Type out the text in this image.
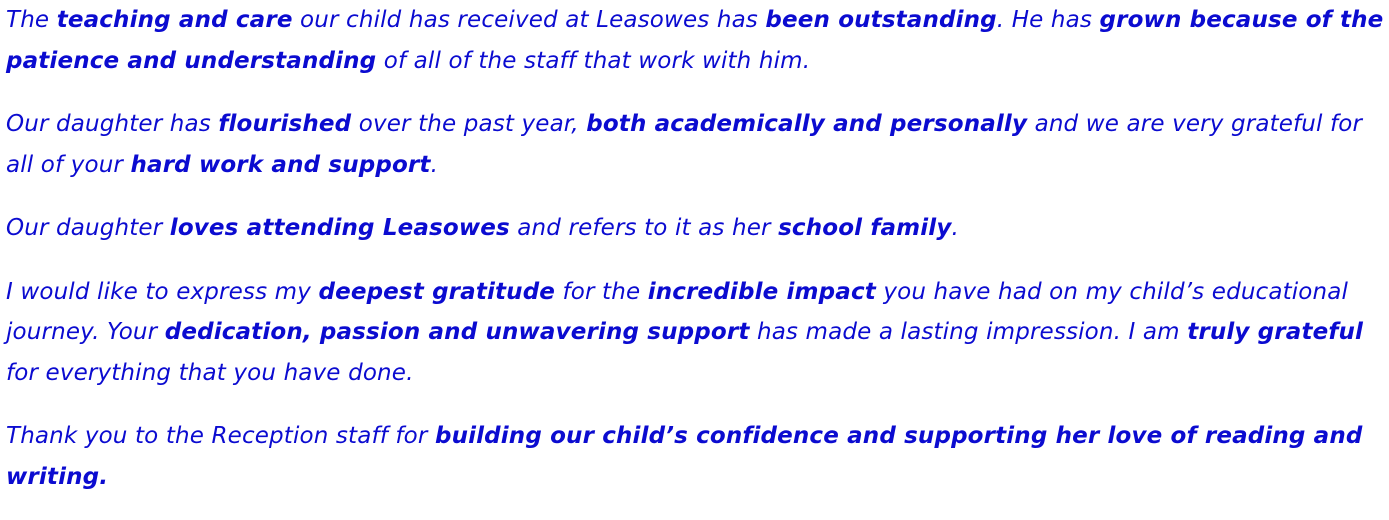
The teaching and care our child has received at Leasowes has been outstanding. He has grown because of the patience and understanding of all of the staff that work with him.

Our daughter has flourished over the past year, both academically and personally and we are very grateful for all of your hard work and support.

Our daughter loves attending Leasowes and refers to it as her school family.

I would like to express my deepest gratitude for the incredible impact you have had on my child’s educational journey. Your dedication, passion and unwavering support has made a lasting impression. I am truly grateful for everything that you have done.

Thank you to the Reception staff for building our child’s confidence and supporting her love of reading and writing.
